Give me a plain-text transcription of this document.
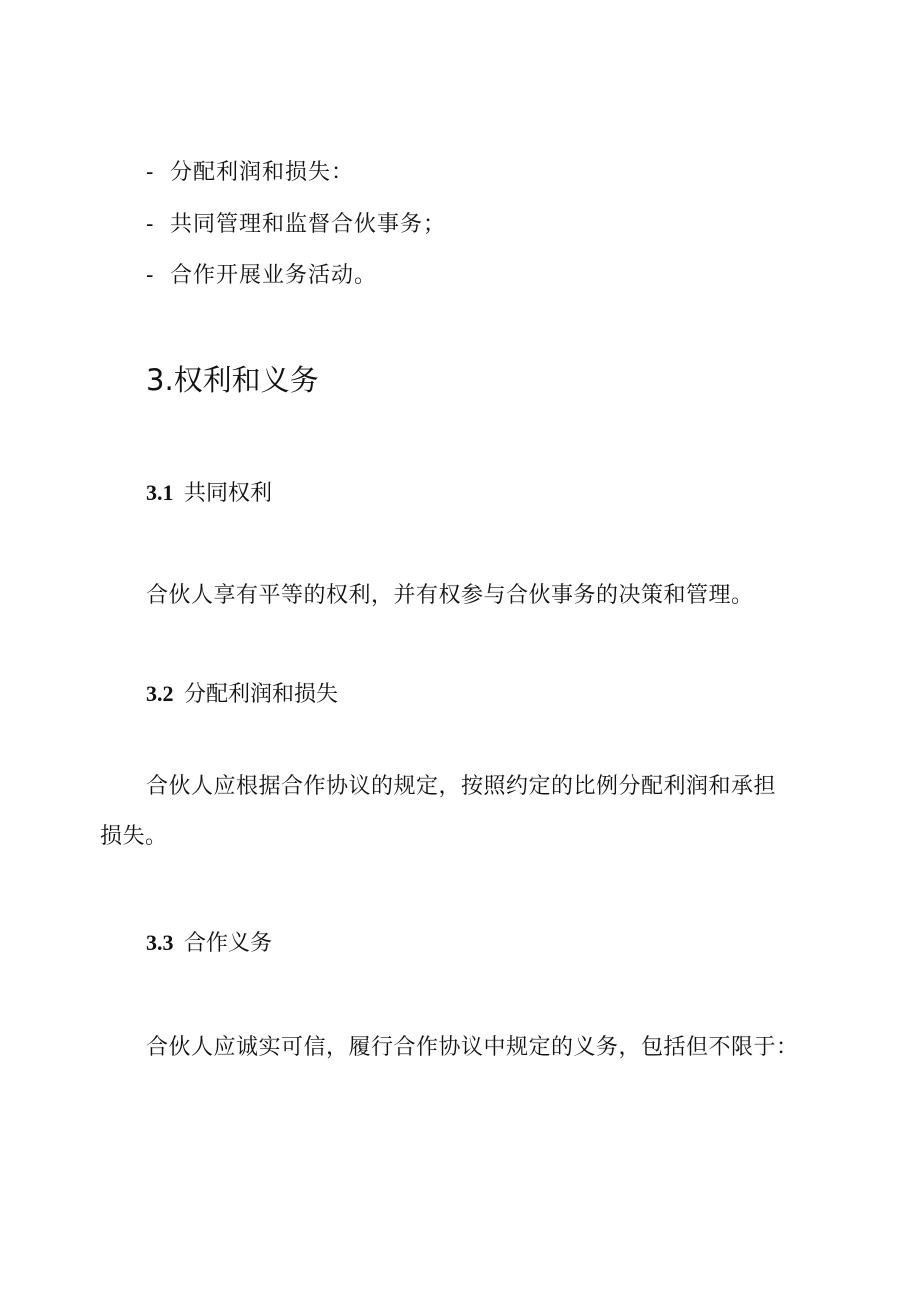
- 分配利润和损失：
- 共同管理和监督合伙事务；
- 合作开展业务活动。
3.权利和义务
3.1 共同权利
合伙人享有平等的权利，并有权参与合伙事务的决策和管理。
3.2 分配利润和损失
合伙人应根据合作协议的规定，按照约定的比例分配利润和承担
损失。
3.3 合作义务
合伙人应诚实可信，履行合作协议中规定的义务，包括但不限于：
